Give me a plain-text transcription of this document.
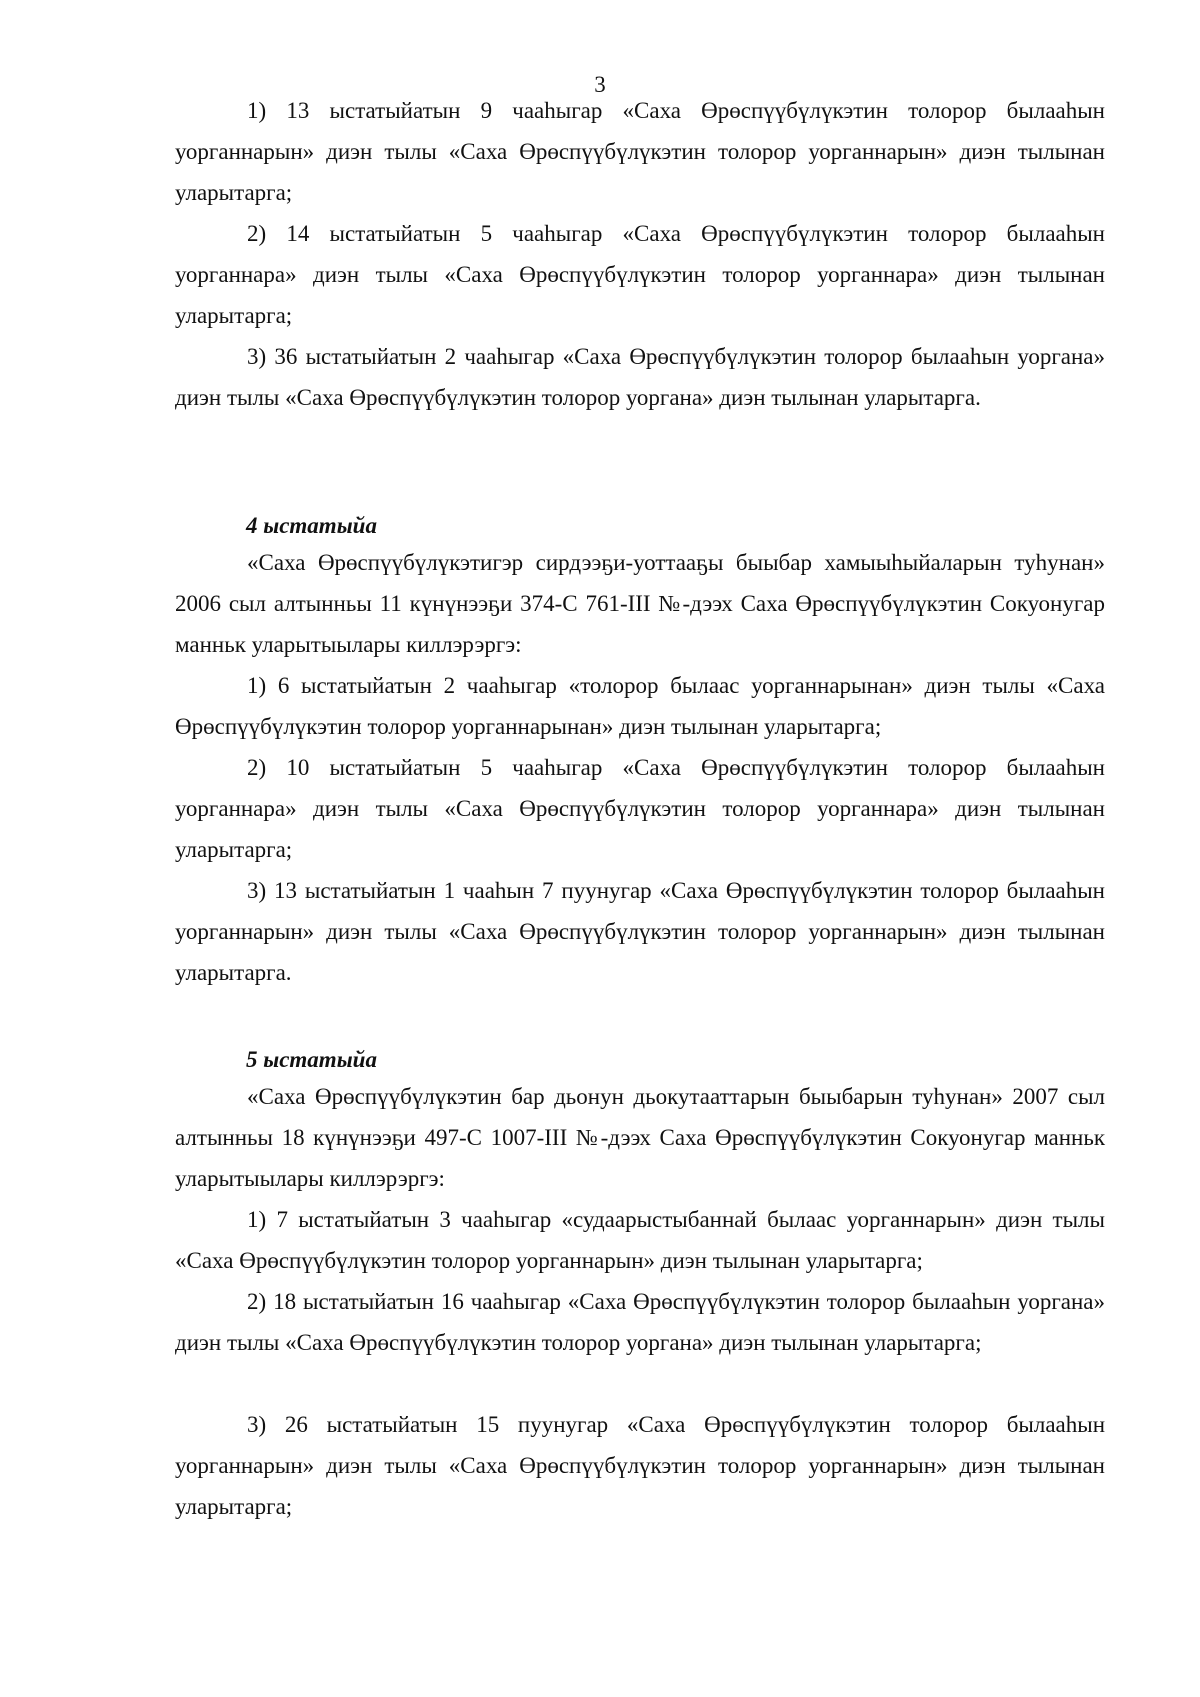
3

1) 13 ыстатыйатын 9 чааһыгар «Саха Өрөспүүбүлүкэтин толорор былааһын уорганнарын» диэн тылы «Саха Өрөспүүбүлүкэтин толорор уорганнарын» диэн тылынан уларытарга;

2) 14 ыстатыйатын 5 чааһыгар «Саха Өрөспүүбүлүкэтин толорор былааһын уорганнара» диэн тылы «Саха Өрөспүүбүлүкэтин толорор уорганнара» диэн тылынан уларытарга;

3) 36 ыстатыйатын 2 чааһыгар «Саха Өрөспүүбүлүкэтин толорор былааһын уоргана» диэн тылы «Саха Өрөспүүбүлүкэтин толорор уоргана» диэн тылынан уларытарга.

4 ыстатыйа

«Саха Өрөспүүбүлүкэтигэр сирдээҕи-уоттааҕы быыбар хамыыһыйаларын туһунан» 2006 сыл алтынньы 11 күнүнээҕи 374-С 761-III №-дээх Саха Өрөспүүбүлүкэтин Сокуонугар манньк уларытыылары киллэрэргэ:

1) 6 ыстатыйатын 2 чааһыгар «толорор былаас уорганнарынан» диэн тылы «Саха Өрөспүүбүлүкэтин толорор уорганнарынан» диэн тылынан уларытарга;

2) 10 ыстатыйатын 5 чааһыгар «Саха Өрөспүүбүлүкэтин толорор былааһын уорганнара» диэн тылы «Саха Өрөспүүбүлүкэтин толорор уорганнара» диэн тылынан уларытарга;

3) 13 ыстатыйатын 1 чааһын 7 пуунугар «Саха Өрөспүүбүлүкэтин толорор былааһын уорганнарын» диэн тылы «Саха Өрөспүүбүлүкэтин толорор уорганнарын» диэн тылынан уларытарга.

5 ыстатыйа

«Саха Өрөспүүбүлүкэтин бар дьонун дьокутааттарын быыбарын туһунан» 2007 сыл алтынньы 18 күнүнээҕи 497-С 1007-III №-дээх Саха Өрөспүүбүлүкэтин Сокуонугар манньк уларытыылары киллэрэргэ:

1) 7 ыстатыйатын 3 чааһыгар «судаарыстыбаннай былаас уорганнарын» диэн тылы «Саха Өрөспүүбүлүкэтин толорор уорганнарын» диэн тылынан уларытарга;

2) 18 ыстатыйатын 16 чааһыгар «Саха Өрөспүүбүлүкэтин толорор былааһын уоргана» диэн тылы «Саха Өрөспүүбүлүкэтин толорор уоргана» диэн тылынан уларытарга;

3) 26 ыстатыйатын 15 пуунугар «Саха Өрөспүүбүлүкэтин толорор былааһын уорганнарын» диэн тылы «Саха Өрөспүүбүлүкэтин толорор уорганнарын» диэн тылынан уларытарга;
